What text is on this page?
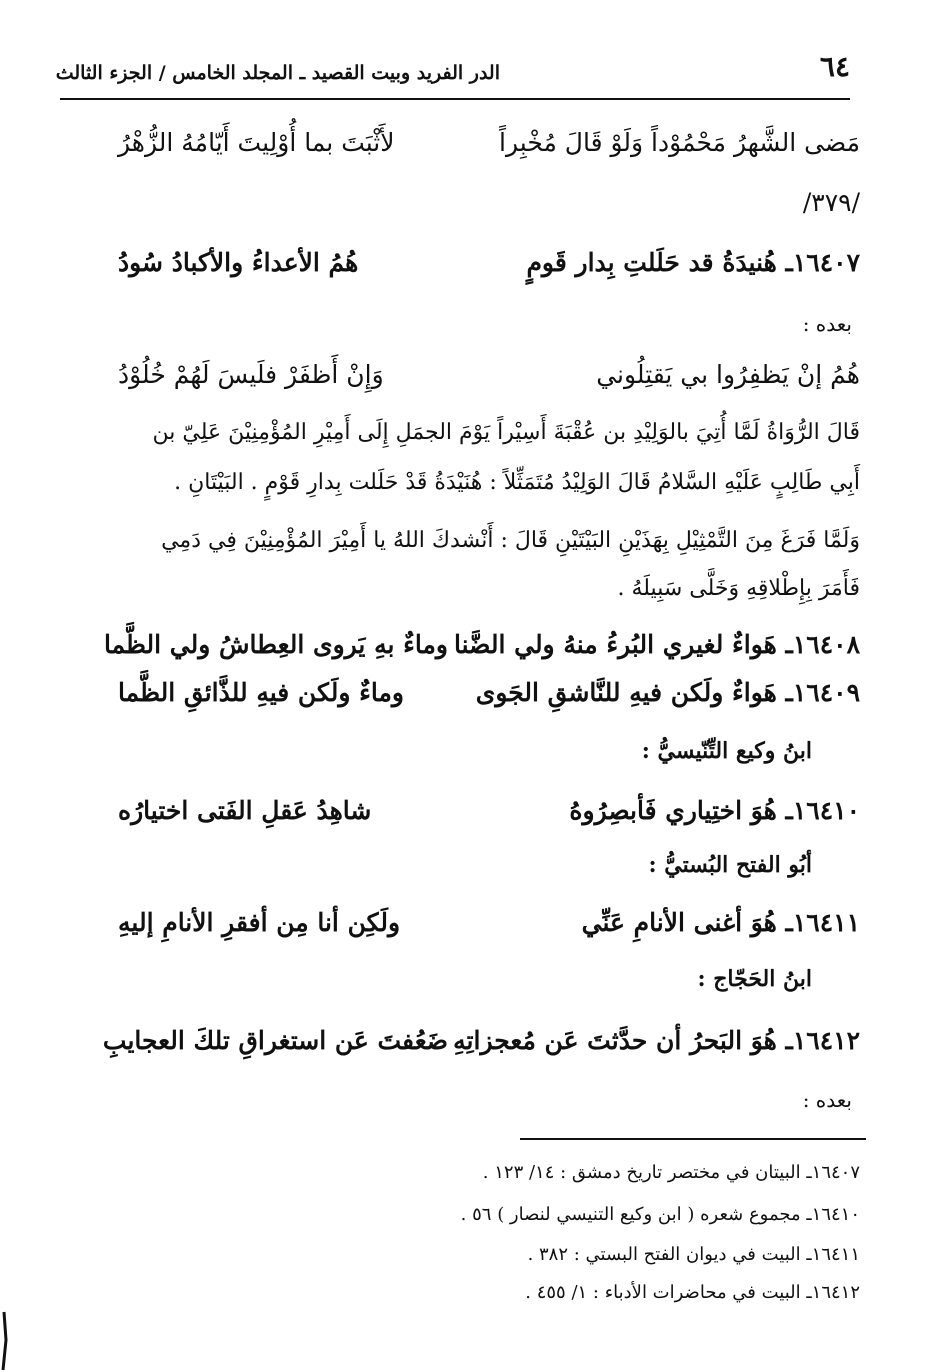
٦٤
الدر الفريد وبيت القصيد ـ المجلد الخامس / الجزء الثالث
مَضى الشَّهرُ مَحْمُوْداً وَلَوْ قَالَ مُخْبِراً
لأَثْبَتَ بما أُوْلِيتَ أَيّامُهُ الزُّهْرُ
/٣٧٩/
١٦٤٠٧ـ هُنيدَةُ قد حَلَلتِ بِدار قَومٍ
هُمُ الأعداءُ والأكبادُ سُودُ
بعده :
هُمُ إنْ يَظفِرُوا بي يَقتِلُوني
وَإِنْ أَظفَرْ فلَيسَ لَهُمْ خُلُوْدُ
قَالَ الرُّوَاةُ لَمَّا أُتِيَ بالوَلِيْدِ بن عُقْبَةَ أَسِيْراً يَوْمَ الجمَلِ إِلَى أَمِيْرِ المُؤْمِنِيْنَ عَلِيّ بن
أَبِي طَالِبٍ عَلَيْهِ السَّلامُ قَالَ الوَلِيْدُ مُتَمَثِّلاً : هُنَيْدَةُ قَدْ حَلَلت بِدارِ قَوْمٍ . البَيْتَانِ .
وَلَمَّا فَرَغَ مِنَ التَّمْثِيْلِ بِهَذَيْنِ البَيْتَيْنِ قَالَ : أَنْشدكَ اللهُ يا أَمِيْرَ المُؤْمِنِيْنَ فِي دَمِي
فَأَمَرَ بِإِطْلاقِهِ وَخَلَّى سَبِيلَهُ .
١٦٤٠٨ـ هَواءٌ لغيري البُرءُ منهُ ولي الضَّنا
وماءٌ بهِ يَروى العِطاشُ ولي الظَّما
١٦٤٠٩ـ هَواءٌ ولَكن فيهِ للنَّاشقِ الجَوى
وماءٌ ولَكن فيهِ للذَّائقِ الظَّما
ابنُ وكيع التِّنّيسيُّ :
١٦٤١٠ـ هُوَ اختِياري فَأبصِرُوهُ
شاهِدُ عَقلِ الفَتى اختيارُه
أبُو الفتح البُستيُّ :
١٦٤١١ـ هُوَ أغنى الأنامِ عَنِّي
ولَكِن أنا مِن أفقرِ الأنامِ إليهِ
ابنُ الحَجّاج :
١٦٤١٢ـ هُوَ البَحرُ أن حدَّثتَ عَن مُعجزاتِهِ
ضَعُفتَ عَن استغراقِ تلكَ العجايبِ
بعده :
١٦٤٠٧ـ البيتان في مختصر تاريخ دمشق : ١٤/ ١٢٣ .
١٦٤١٠ـ مجموع شعره ( ابن وكيع التنيسي لنصار ) ٥٦ .
١٦٤١١ـ البيت في ديوان الفتح البستي : ٣٨٢ .
١٦٤١٢ـ البيت في محاضرات الأدباء : ١/ ٤٥٥ .
